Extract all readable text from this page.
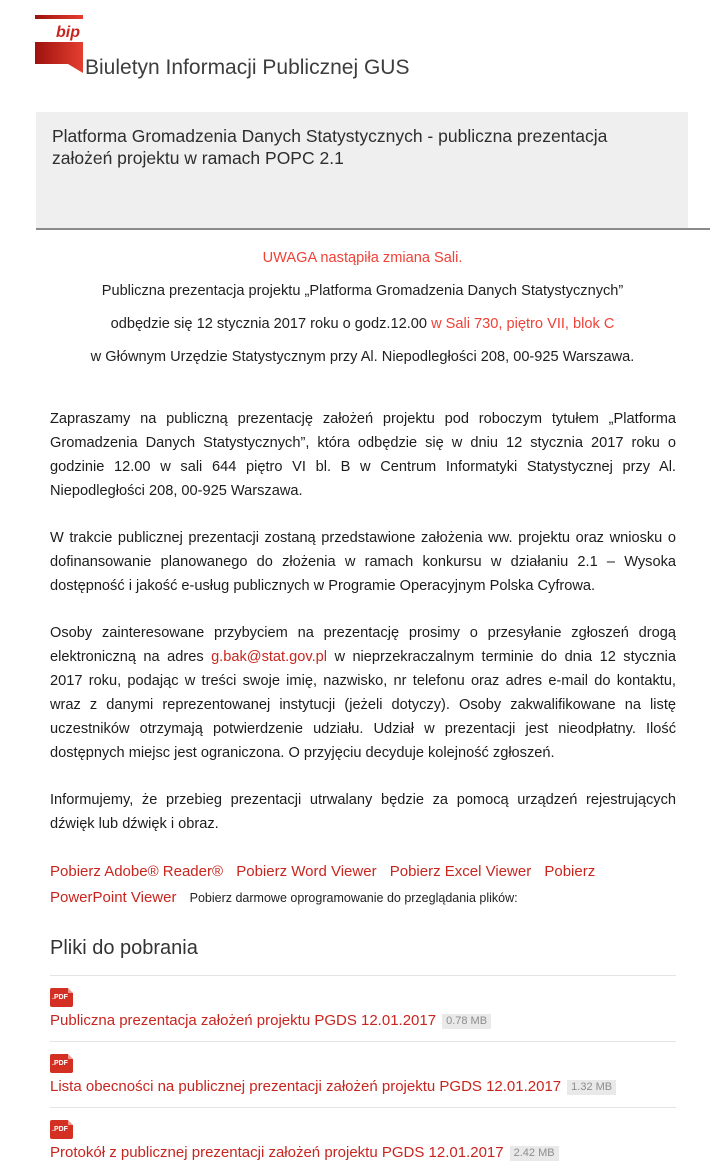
bip
Biuletyn Informacji Publicznej GUS
Platforma Gromadzenia Danych Statystycznych - publiczna prezentacja założeń projektu w ramach POPC 2.1

UWAGA nastąpiła zmiana Sali.

Publiczna prezentacja projektu „Platforma Gromadzenia Danych Statystycznych”

odbędzie się 12 stycznia 2017 roku o godz.12.00 w Sali 730, piętro VII, blok C

w Głównym Urzędzie Statystycznym przy Al. Niepodległości 208, 00-925 Warszawa.

Zapraszamy na publiczną prezentację założeń projektu pod roboczym tytułem „Platforma Gromadzenia Danych Statystycznych”, która odbędzie się w dniu 12 stycznia 2017 roku o godzinie 12.00 w sali 644 piętro VI bl. B w Centrum Informatyki Statystycznej przy Al. Niepodległości 208, 00-925 Warszawa.

W trakcie publicznej prezentacji zostaną przedstawione założenia ww. projektu oraz wniosku o dofinansowanie planowanego do złożenia w ramach konkursu w działaniu 2.1 – Wysoka dostępność i jakość e-usług publicznych w Programie Operacyjnym Polska Cyfrowa.

Osoby zainteresowane przybyciem na prezentację prosimy o przesyłanie zgłoszeń drogą elektroniczną na adres g.bak@stat.gov.pl w nieprzekraczalnym terminie do dnia 12 stycznia 2017 roku, podając w treści swoje imię, nazwisko, nr telefonu oraz adres e-mail do kontaktu, wraz z danymi reprezentowanej instytucji (jeżeli dotyczy). Osoby zakwalifikowane na listę uczestników otrzymają potwierdzenie udziału. Udział w prezentacji jest nieodpłatny. Ilość dostępnych miejsc jest ograniczona. O przyjęciu decyduje kolejność zgłoszeń.

Informujemy, że przebieg prezentacji utrwalany będzie za pomocą urządzeń rejestrujących dźwięk lub dźwięk i obraz.

Pobierz Adobe® Reader® Pobierz Word Viewer Pobierz Excel Viewer Pobierz PowerPoint Viewer Pobierz darmowe oprogramowanie do przeglądania plików:

Pliki do pobrania
.PDF
Publiczna prezentacja założeń projektu PGDS 12.01.2017 0.78 MB
.PDF
Lista obecności na publicznej prezentacji założeń projektu PGDS 12.01.2017 1.32 MB
.PDF
Protokół z publicznej prezentacji założeń projektu PGDS 12.01.2017 2.42 MB
